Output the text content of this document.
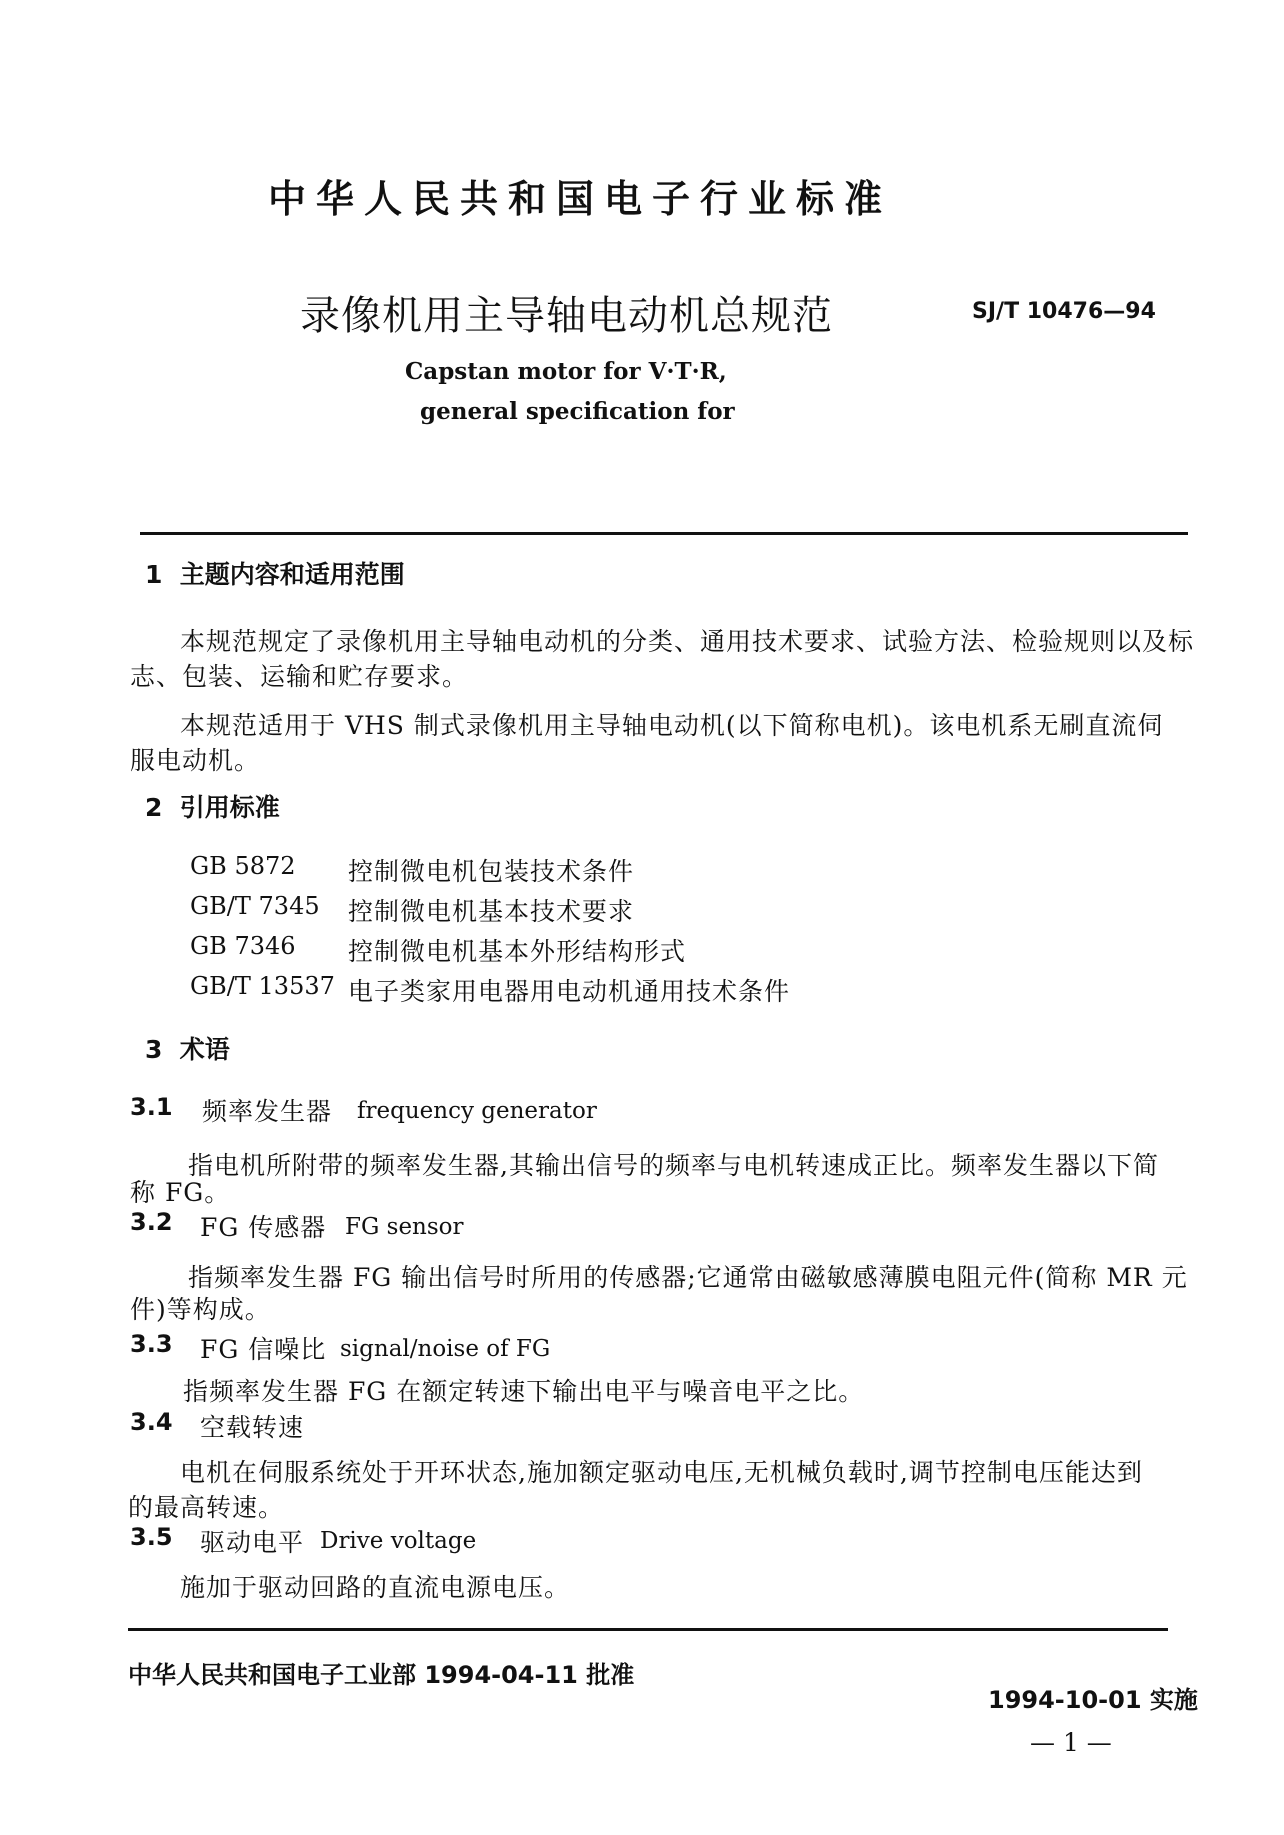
中华人民共和国电子行业标准
录像机用主导轴电动机总规范	SJ/T 10476—94
Capstan motor for V·T·R,
general specification for
1  主题内容和适用范围
本规范规定了录像机用主导轴电动机的分类、通用技术要求、试验方法、检验规则以及标
志、包装、运输和贮存要求。
本规范适用于 VHS 制式录像机用主导轴电动机(以下简称电机)。该电机系无刷直流伺
服电动机。
2  引用标准
GB 5872 控制微电机包装技术条件
GB/T 7345 控制微电机基本技术要求
GB 7346 控制微电机基本外形结构形式
GB/T 13537 电子类家用电器用电动机通用技术条件
3  术语
3.1 频率发生器 frequency generator
指电机所附带的频率发生器,其输出信号的频率与电机转速成正比。频率发生器以下简
称 FG。
3.2 FG 传感器 FG sensor
指频率发生器 FG 输出信号时所用的传感器;它通常由磁敏感薄膜电阻元件(简称 MR 元
件)等构成。
3.3 FG 信噪比 signal/noise of FG
指频率发生器 FG 在额定转速下输出电平与噪音电平之比。
3.4 空载转速
电机在伺服系统处于开环状态,施加额定驱动电压,无机械负载时,调节控制电压能达到
的最高转速。
3.5 驱动电平 Drive voltage
施加于驱动回路的直流电源电压。
中华人民共和国电子工业部 1994-04-11 批准
1994-10-01 实施
— 1 —
